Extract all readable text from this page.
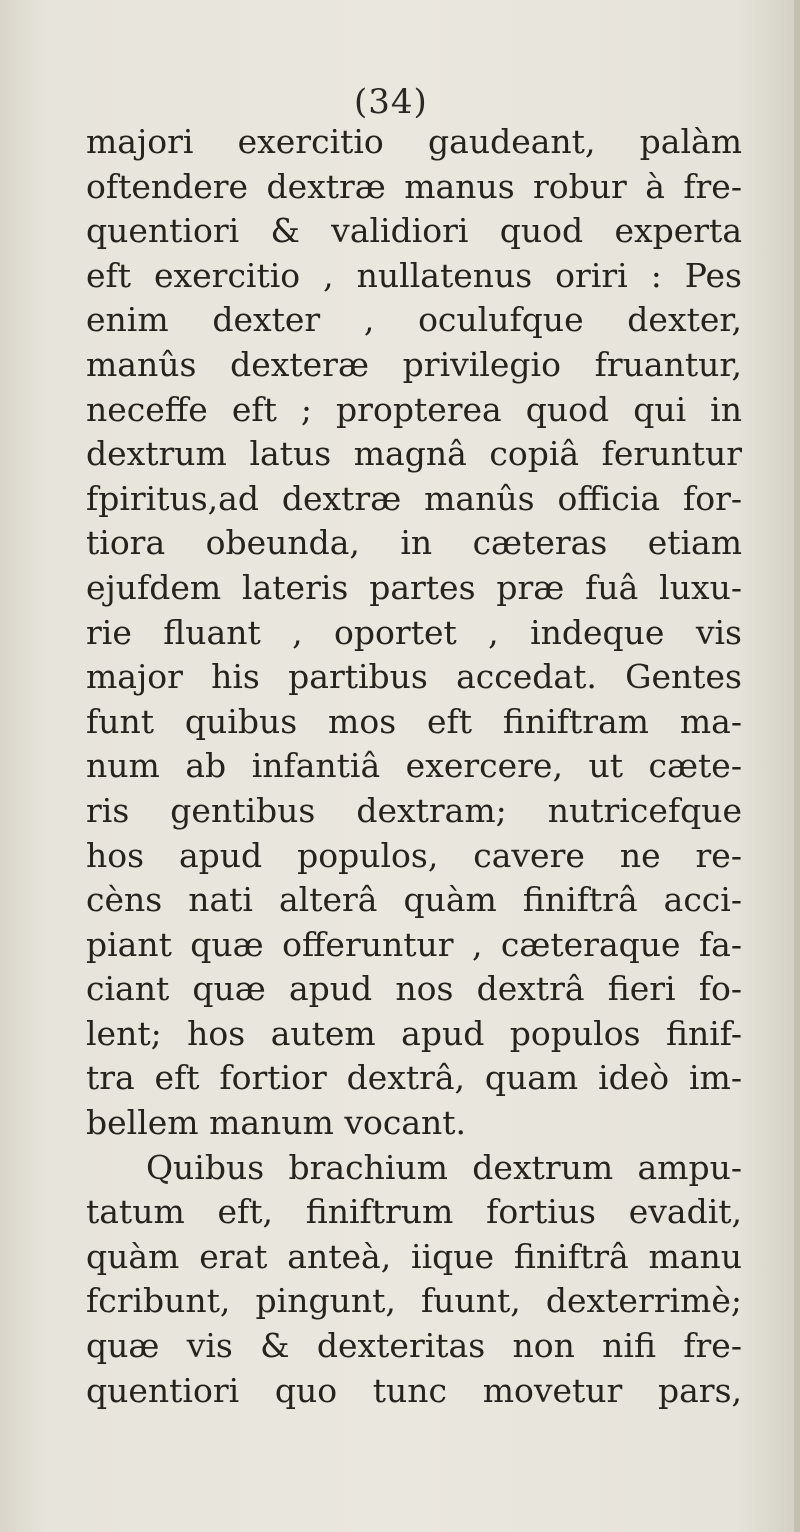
(34)
majori exercitio gaudeant, palàm
oftendere dextræ manus robur à fre-
quentiori & validiori quod experta
eft exercitio , nullatenus oriri : Pes
enim dexter , oculufque dexter,
manûs dexteræ privilegio fruantur,
neceffe eft ; propterea quod qui in
dextrum latus magnâ copiâ feruntur
fpiritus,ad dextræ manûs officia for-
tiora obeunda, in cæteras etiam
ejufdem lateris partes præ fuâ luxu-
rie fluant , oportet , indeque vis
major his partibus accedat. Gentes
funt quibus mos eft finiftram ma-
num ab infantiâ exercere, ut cæte-
ris gentibus dextram; nutricefque
hos apud populos, cavere ne re-
cèns nati alterâ quàm finiftrâ acci-
piant quæ offeruntur , cæteraque fa-
ciant quæ apud nos dextrâ fieri fo-
lent; hos autem apud populos finif-
tra eft fortior dextrâ, quam ideò im-
bellem manum vocant.
Quibus brachium dextrum ampu-
tatum eft, finiftrum fortius evadit,
quàm erat anteà, iique finiftrâ manu
fcribunt, pingunt, fuunt, dexterrimè;
quæ vis & dexteritas non nifi fre-
quentiori quo tunc movetur pars,
